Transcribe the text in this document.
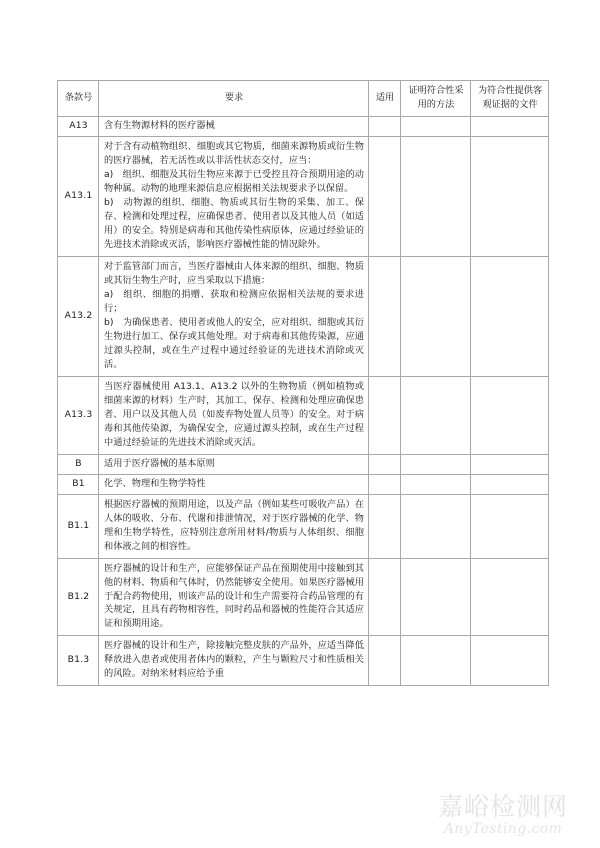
条款号	要求	适用	证明符合性采用的方法	为符合性提供客观证据的文件
A13	含有生物源材料的医疗器械			

A13.1	对于含有动植物组织、细胞或其它物质，细菌来源物质或衍生物的医疗器械，若无活性或以非活性状态交付，应当：

a)　组织、细胞及其衍生物应来源于已受控且符合预期用途的动物种属。动物的地理来源信息应根据相关法规要求予以保留。

b)　动物源的组织、细胞、物质或其衍生物的采集、加工、保存、检测和处理过程，应确保患者、使用者以及其他人员（如适用）的安全。特别是病毒和其他传染性病原体，应通过经验证的先进技术消除或灭活，影响医疗器械性能的情况除外。			

A13.2	对于监管部门而言，当医疗器械由人体来源的组织、细胞、物质或其衍生物生产时，应当采取以下措施：

a)　组织、细胞的捐赠、获取和检测应依据相关法规的要求进行；

b)　为确保患者、使用者或他人的安全，应对组织、细胞或其衍生物进行加工、保存或其他处理。对于病毒和其他传染源，应通过源头控制，或在生产过程中通过经验证的先进技术消除或灭活。			

A13.3	当医疗器械使用 A13.1、A13.2 以外的生物物质（例如植物或细菌来源的材料）生产时，其加工、保存、检测和处理应确保患者、用户以及其他人员（如废弃物处置人员等）的安全。对于病毒和其他传染源，为确保安全，应通过源头控制，或在生产过程中通过经验证的先进技术消除或灭活。			

B	适用于医疗器械的基本原则			

B1	化学、物理和生物学特性			

B1.1	根据医疗器械的预期用途，以及产品（例如某些可吸收产品）在人体的吸收、分布、代谢和排泄情况，对于医疗器械的化学、物理和生物学特性，应特别注意所用材料/物质与人体组织、细胞和体液之间的相容性。			

B1.2	医疗器械的设计和生产，应能够保证产品在预期使用中接触到其他的材料、物质和气体时，仍然能够安全使用。如果医疗器械用于配合药物使用，则该产品的设计和生产需要符合药品管理的有关规定，且具有药物相容性，同时药品和器械的性能符合其适应证和预期用途。			

B1.3	医疗器械的设计和生产，除接触完整皮肤的产品外，应适当降低释放进入患者或使用者体内的颗粒，产生与颗粒尺寸和性质相关的风险。对纳米材料应给予重			

嘉峪检测网
AnyTesting.com
